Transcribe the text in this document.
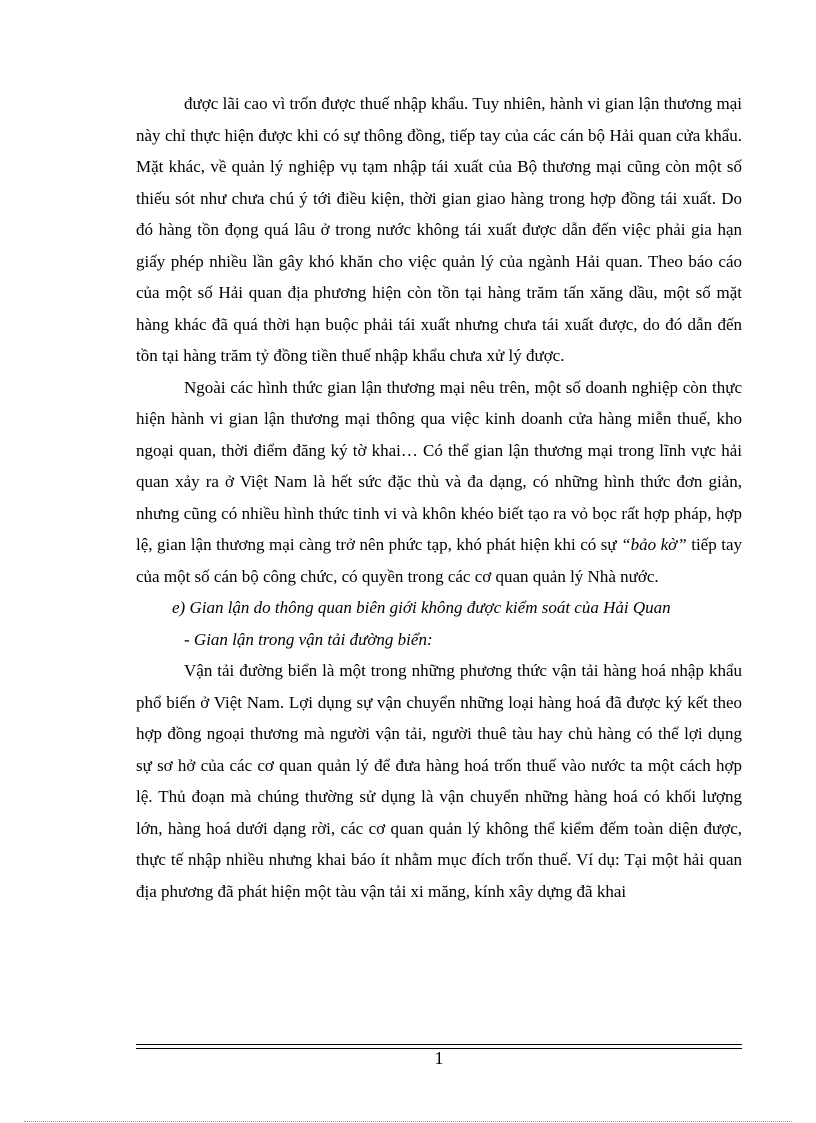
được lãi cao vì trốn được thuế nhập khẩu. Tuy nhiên, hành vi gian lận thương mại này chỉ thực hiện được khi có sự thông đồng, tiếp tay của các cán bộ Hải quan cửa khẩu. Mặt khác, về quản lý nghiệp vụ tạm nhập tái xuất của Bộ thương mại cũng còn một số thiếu sót như chưa chú ý tới điều kiện, thời gian giao hàng trong hợp đồng tái xuất. Do đó hàng tồn đọng quá lâu ở trong nước không tái xuất được dẫn đến việc phải gia hạn giấy phép nhiều lần gây khó khăn cho việc quản lý của ngành Hải quan. Theo báo cáo của một số Hải quan địa phương hiện còn tồn tại hàng trăm tấn xăng dầu, một số mặt hàng khác đã quá thời hạn buộc phải tái xuất nhưng chưa tái xuất được, do đó dẫn đến tồn tại hàng trăm tỷ đồng tiền thuế nhập khẩu chưa xử lý được.

Ngoài các hình thức gian lận thương mại nêu trên, một số doanh nghiệp còn thực hiện hành vi gian lận thương mại thông qua việc kinh doanh cửa hàng miễn thuế, kho ngoại quan, thời điểm đăng ký tờ khai… Có thể gian lận thương mại trong lĩnh vực hải quan xảy ra ở Việt Nam là hết sức đặc thù và đa dạng, có những hình thức đơn giản, nhưng cũng có nhiều hình thức tinh vi và khôn khéo biết tạo ra vỏ bọc rất hợp pháp, hợp lệ, gian lận thương mại càng trở nên phức tạp, khó phát hiện khi có sự “bảo kờ” tiếp tay của một số cán bộ công chức, có quyền trong các cơ quan quản lý Nhà nước.

e) Gian lận do thông quan biên giới không được kiểm soát của Hải Quan

- Gian lận trong vận tải đường biển:

Vận tải đường biển là một trong những phương thức vận tải hàng hoá nhập khẩu phổ biến ở Việt Nam. Lợi dụng sự vận chuyển những loại hàng hoá đã được ký kết theo hợp đồng ngoại thương mà người vận tải, người thuê tàu hay chủ hàng có thể lợi dụng sự sơ hở của các cơ quan quản lý để đưa hàng hoá trốn thuế vào nước ta một cách hợp lệ. Thủ đoạn mà chúng thường sử dụng là vận chuyển những hàng hoá có khối lượng lớn, hàng hoá dưới dạng rời, các cơ quan quản lý không thể kiểm đếm toàn diện được, thực tế nhập nhiều nhưng khai báo ít nhằm mục đích trốn thuế. Ví dụ: Tại một hải quan địa phương đã phát hiện một tàu vận tải xi măng, kính xây dựng đã khai

1
